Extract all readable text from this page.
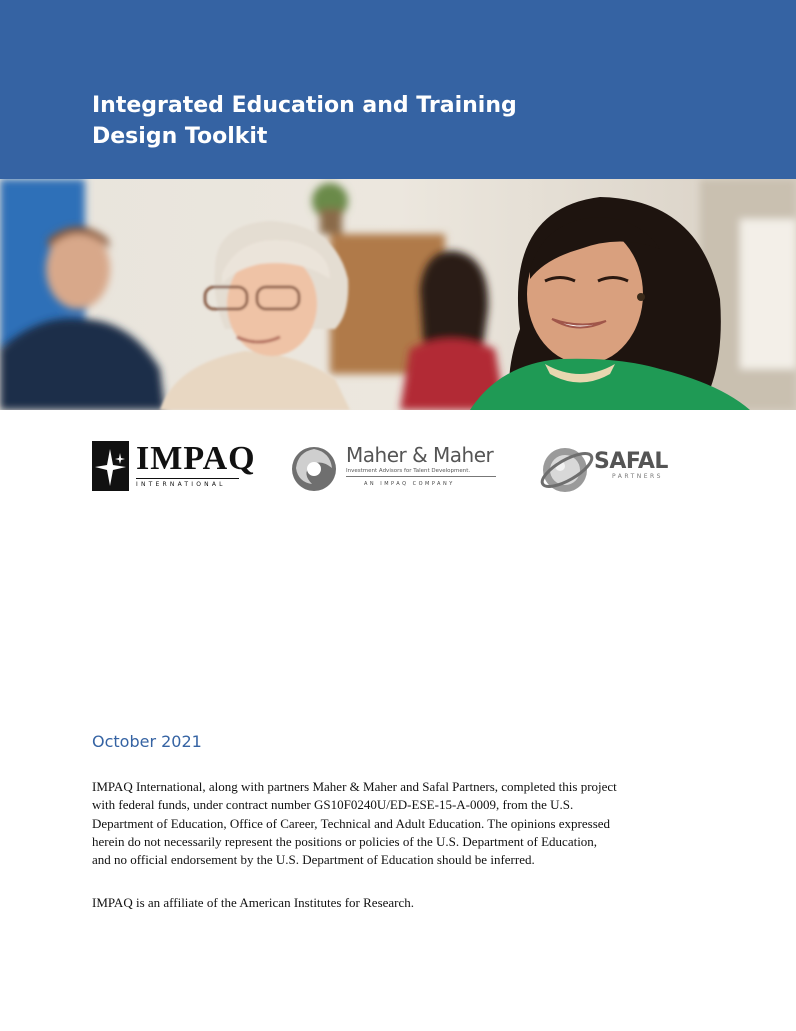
Integrated Education and Training
Design Toolkit
IMPAQ
INTERNATIONAL
Maher & Maher
Investment Advisors for Talent Development.
AN IMPAQ COMPANY
SAFAL
PARTNERS

October 2021

IMPAQ International, along with partners Maher & Maher and Safal Partners, completed this project
with federal funds, under contract number GS10F0240U/ED-ESE-15-A-0009, from the U.S.
Department of Education, Office of Career, Technical and Adult Education. The opinions expressed
herein do not necessarily represent the positions or policies of the U.S. Department of Education,
and no official endorsement by the U.S. Department of Education should be inferred.

IMPAQ is an affiliate of the American Institutes for Research.
